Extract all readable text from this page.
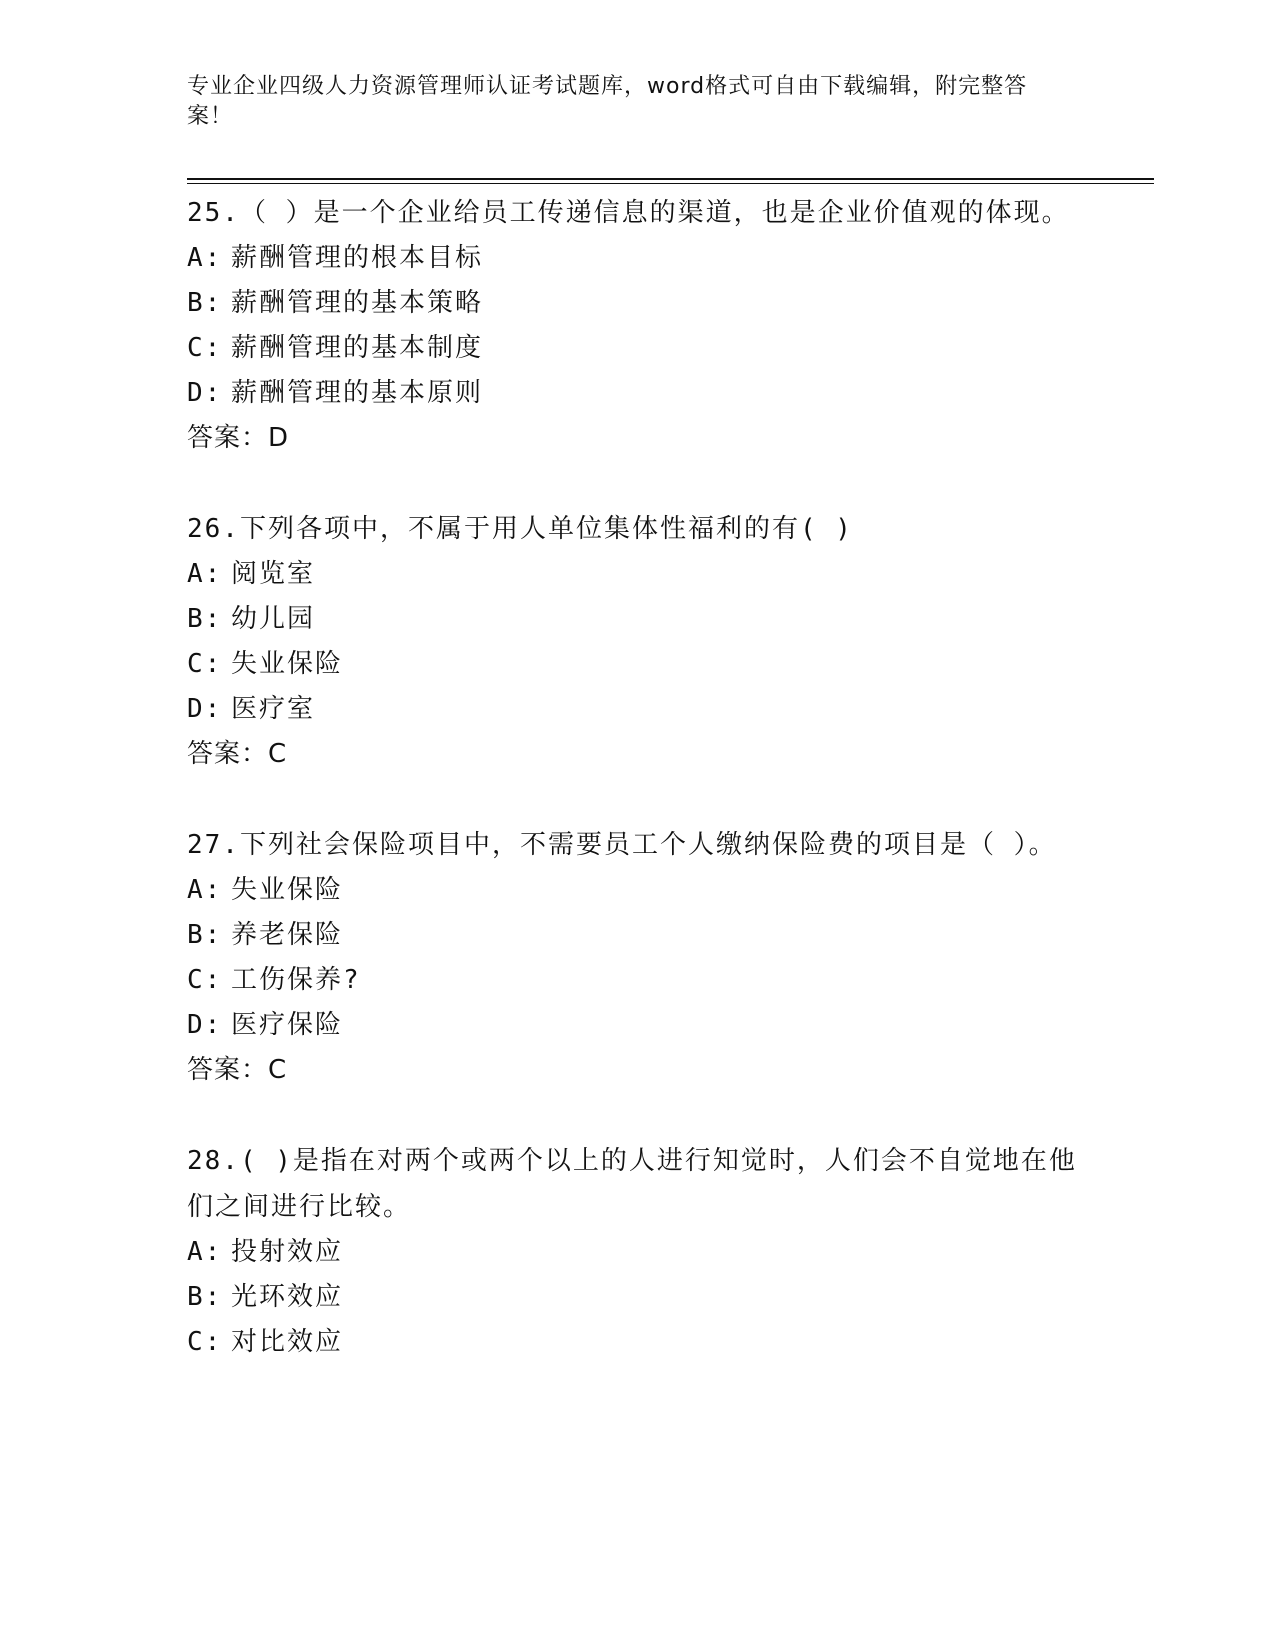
专业企业四级人力资源管理师认证考试题库，word格式可自由下载编辑，附完整答案！

25.（ ）是一个企业给员工传递信息的渠道，也是企业价值观的体现。

A: 薪酬管理的根本目标

B: 薪酬管理的基本策略

C: 薪酬管理的基本制度

D: 薪酬管理的基本原则

答案：D

26.下列各项中，不属于用人单位集体性福利的有( )

A: 阅览室

B: 幼儿园

C: 失业保险

D: 医疗室

答案：C

27.下列社会保险项目中，不需要员工个人缴纳保险费的项目是（ ）。

A: 失业保险

B: 养老保险

C: 工伤保养?

D: 医疗保险

答案：C

28.( )是指在对两个或两个以上的人进行知觉时，人们会不自觉地在他们之间进行比较。

A: 投射效应

B: 光环效应

C: 对比效应
